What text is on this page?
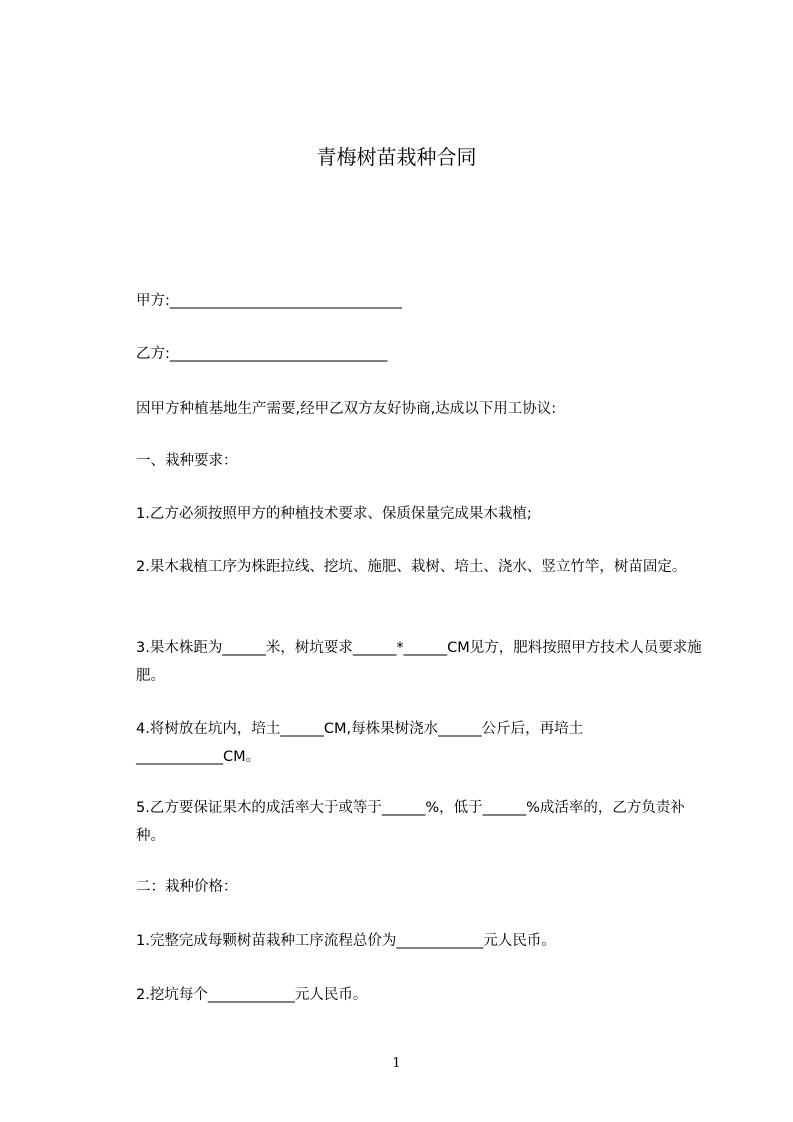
青梅树苗栽种合同
甲方:________________________________
乙方:______________________________
因甲方种植基地生产需要,经甲乙双方友好协商,达成以下用工协议:
一、栽种要求：

1.乙方必须按照甲方的种植技术要求、保质保量完成果木栽植;

2.果木栽植工序为株距拉线、挖坑、施肥、栽树、培土、浇水、竖立竹竿，树苗固定。

3.果木株距为______米，树坑要求______*______CM见方，肥料按照甲方技术人员要求施肥。

4.将树放在坑内，培土______CM,每株果树浇水______公斤后，再培土____________CM。

5.乙方要保证果木的成活率大于或等于______%，低于______%成活率的，乙方负责补种。

二：栽种价格：

1.完整完成每颗树苗栽种工序流程总价为____________元人民币。

2.挖坑每个____________元人民币。

1
